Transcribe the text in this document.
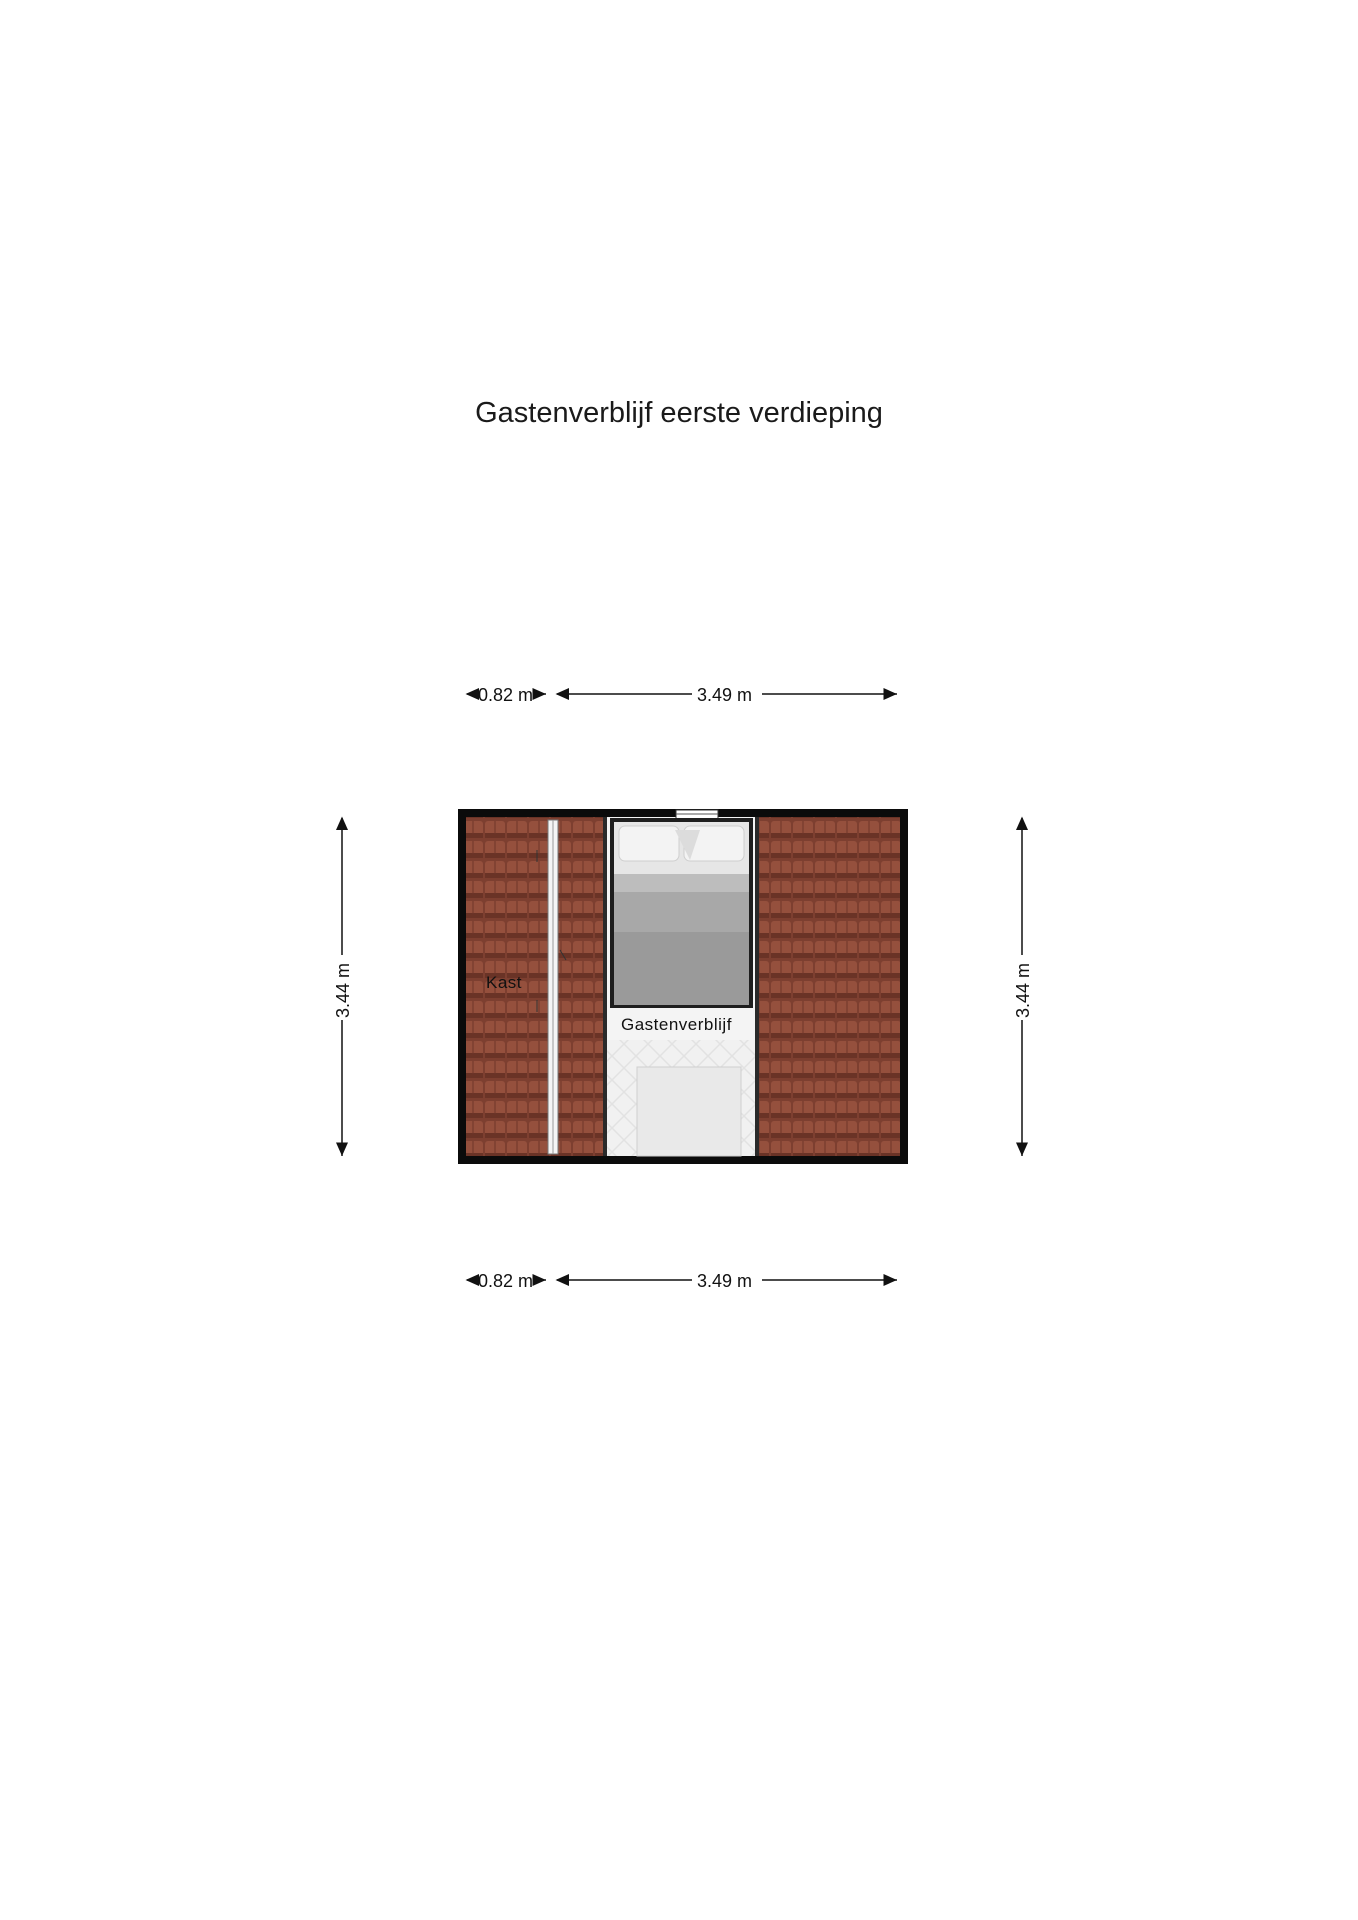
Gastenverblijf eerste verdieping
0.82 m	3.49 m
0.82 m	3.49 m
3.44 m	3.44 m
Kast
Gastenverblijf
